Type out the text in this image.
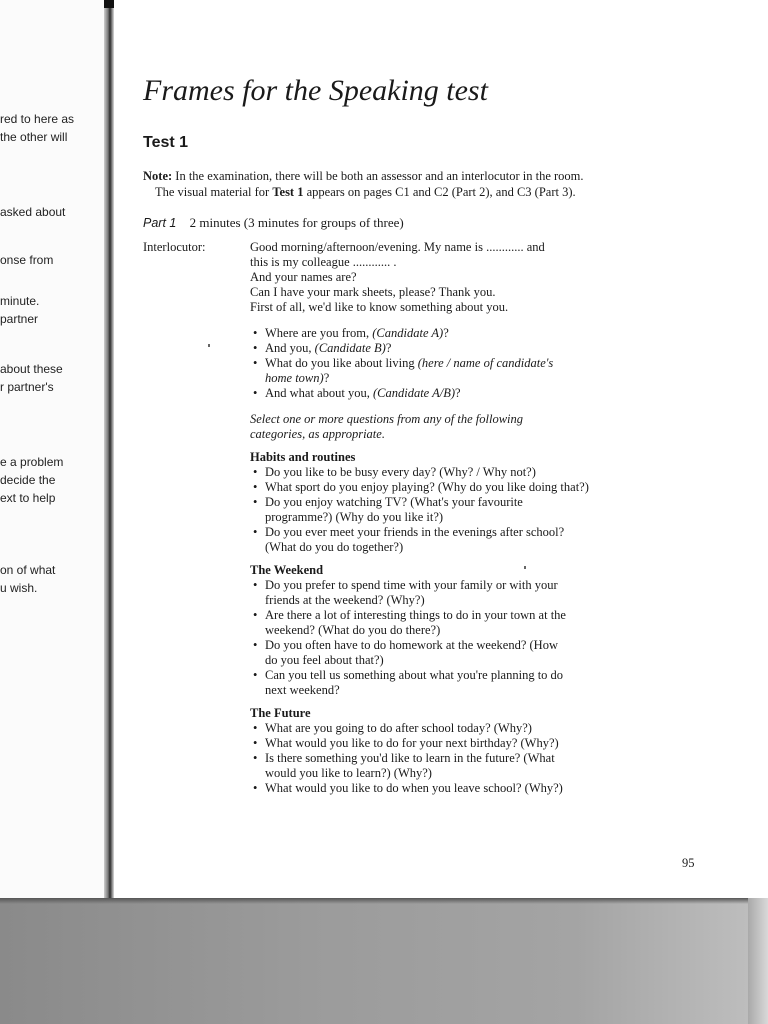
red to here as
the other will
asked about
onse from
minute.
partner
about these
r partner's
e a problem
decide the
ext to help
on of what
u wish.
Frames for the Speaking test
Test 1
Note: In the examination, there will be both an assessor and an interlocutor in the room.
The visual material for Test 1 appears on pages C1 and C2 (Part 2), and C3 (Part 3).
Part 1 2 minutes (3 minutes for groups of three)
Interlocutor:	Good morning/afternoon/evening. My name is ............ and
this is my colleague ............ .
And your names are?
Can I have your mark sheets, please? Thank you.
First of all, we'd like to know something about you.
• Where are you from, (Candidate A)?
• And you, (Candidate B)?
• What do you like about living (here / name of candidate's
home town)?
• And what about you, (Candidate A/B)?
Select one or more questions from any of the following
categories, as appropriate.
Habits and routines
• Do you like to be busy every day? (Why? / Why not?)
• What sport do you enjoy playing? (Why do you like doing that?)
• Do you enjoy watching TV? (What's your favourite
programme?) (Why do you like it?)
• Do you ever meet your friends in the evenings after school?
(What do you do together?)
The Weekend
• Do you prefer to spend time with your family or with your
friends at the weekend? (Why?)
• Are there a lot of interesting things to do in your town at the
weekend? (What do you do there?)
• Do you often have to do homework at the weekend? (How
do you feel about that?)
• Can you tell us something about what you're planning to do
next weekend?
The Future
• What are you going to do after school today? (Why?)
• What would you like to do for your next birthday? (Why?)
• Is there something you'd like to learn in the future? (What
would you like to learn?) (Why?)
• What would you like to do when you leave school? (Why?)
95
